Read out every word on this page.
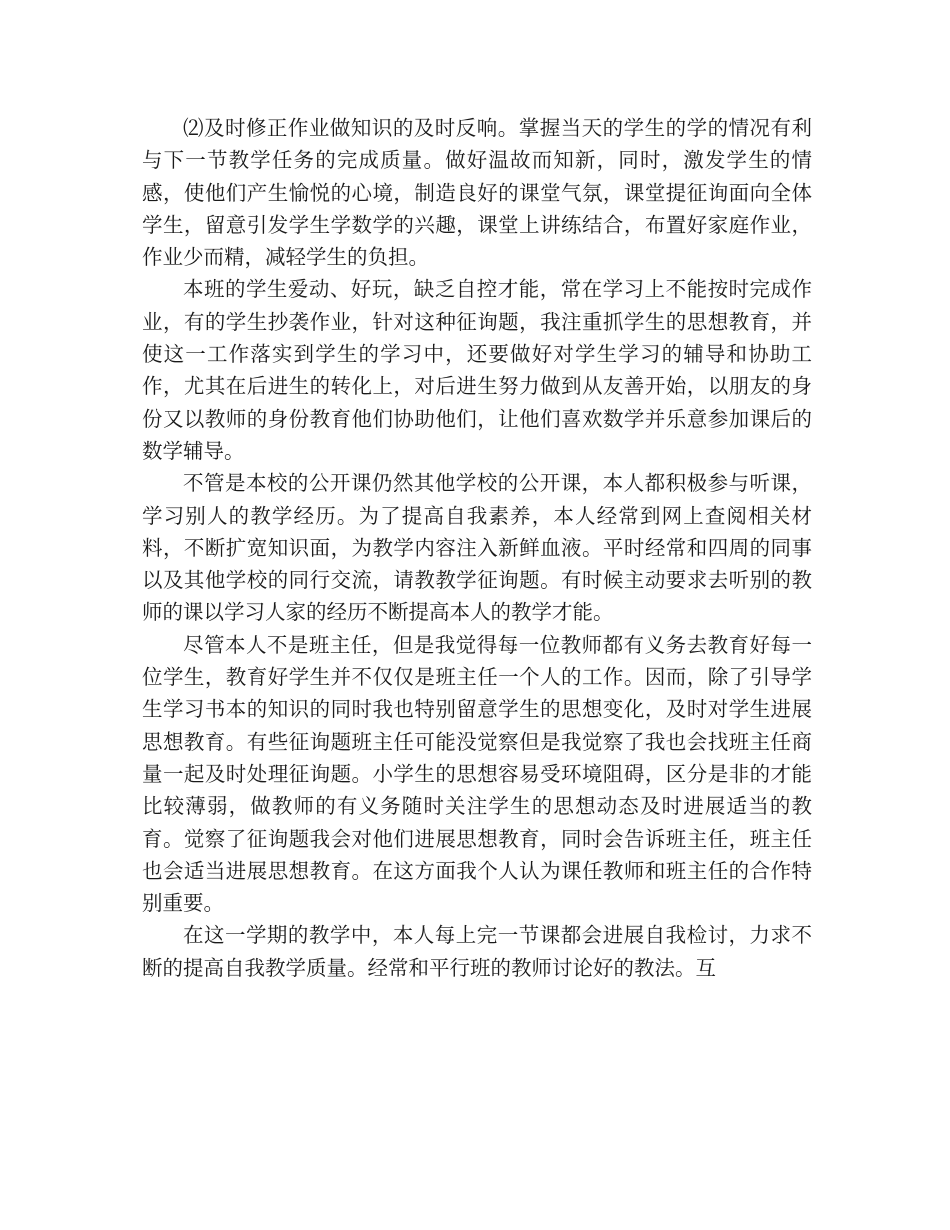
⑵及时修正作业做知识的及时反响。掌握当天的学生的学的情况有利与下一节教学任务的完成质量。做好温故而知新，同时，激发学生的情感，使他们产生愉悦的心境，制造良好的课堂气氛，课堂提征询面向全体学生，留意引发学生学数学的兴趣，课堂上讲练结合，布置好家庭作业，作业少而精，减轻学生的负担。

本班的学生爱动、好玩，缺乏自控才能，常在学习上不能按时完成作业，有的学生抄袭作业，针对这种征询题，我注重抓学生的思想教育，并使这一工作落实到学生的学习中，还要做好对学生学习的辅导和协助工作，尤其在后进生的转化上，对后进生努力做到从友善开始，以朋友的身份又以教师的身份教育他们协助他们，让他们喜欢数学并乐意参加课后的数学辅导。

不管是本校的公开课仍然其他学校的公开课，本人都积极参与听课，学习别人的教学经历。为了提高自我素养，本人经常到网上查阅相关材料，不断扩宽知识面，为教学内容注入新鲜血液。平时经常和四周的同事以及其他学校的同行交流，请教教学征询题。有时候主动要求去听别的教师的课以学习人家的经历不断提高本人的教学才能。

尽管本人不是班主任，但是我觉得每一位教师都有义务去教育好每一位学生，教育好学生并不仅仅是班主任一个人的工作。因而，除了引导学生学习书本的知识的同时我也特别留意学生的思想变化，及时对学生进展思想教育。有些征询题班主任可能没觉察但是我觉察了我也会找班主任商量一起及时处理征询题。小学生的思想容易受环境阻碍，区分是非的才能比较薄弱，做教师的有义务随时关注学生的思想动态及时进展适当的教育。觉察了征询题我会对他们进展思想教育，同时会告诉班主任，班主任也会适当进展思想教育。在这方面我个人认为课任教师和班主任的合作特别重要。

在这一学期的教学中，本人每上完一节课都会进展自我检讨，力求不断的提高自我教学质量。经常和平行班的教师讨论好的教法。互
